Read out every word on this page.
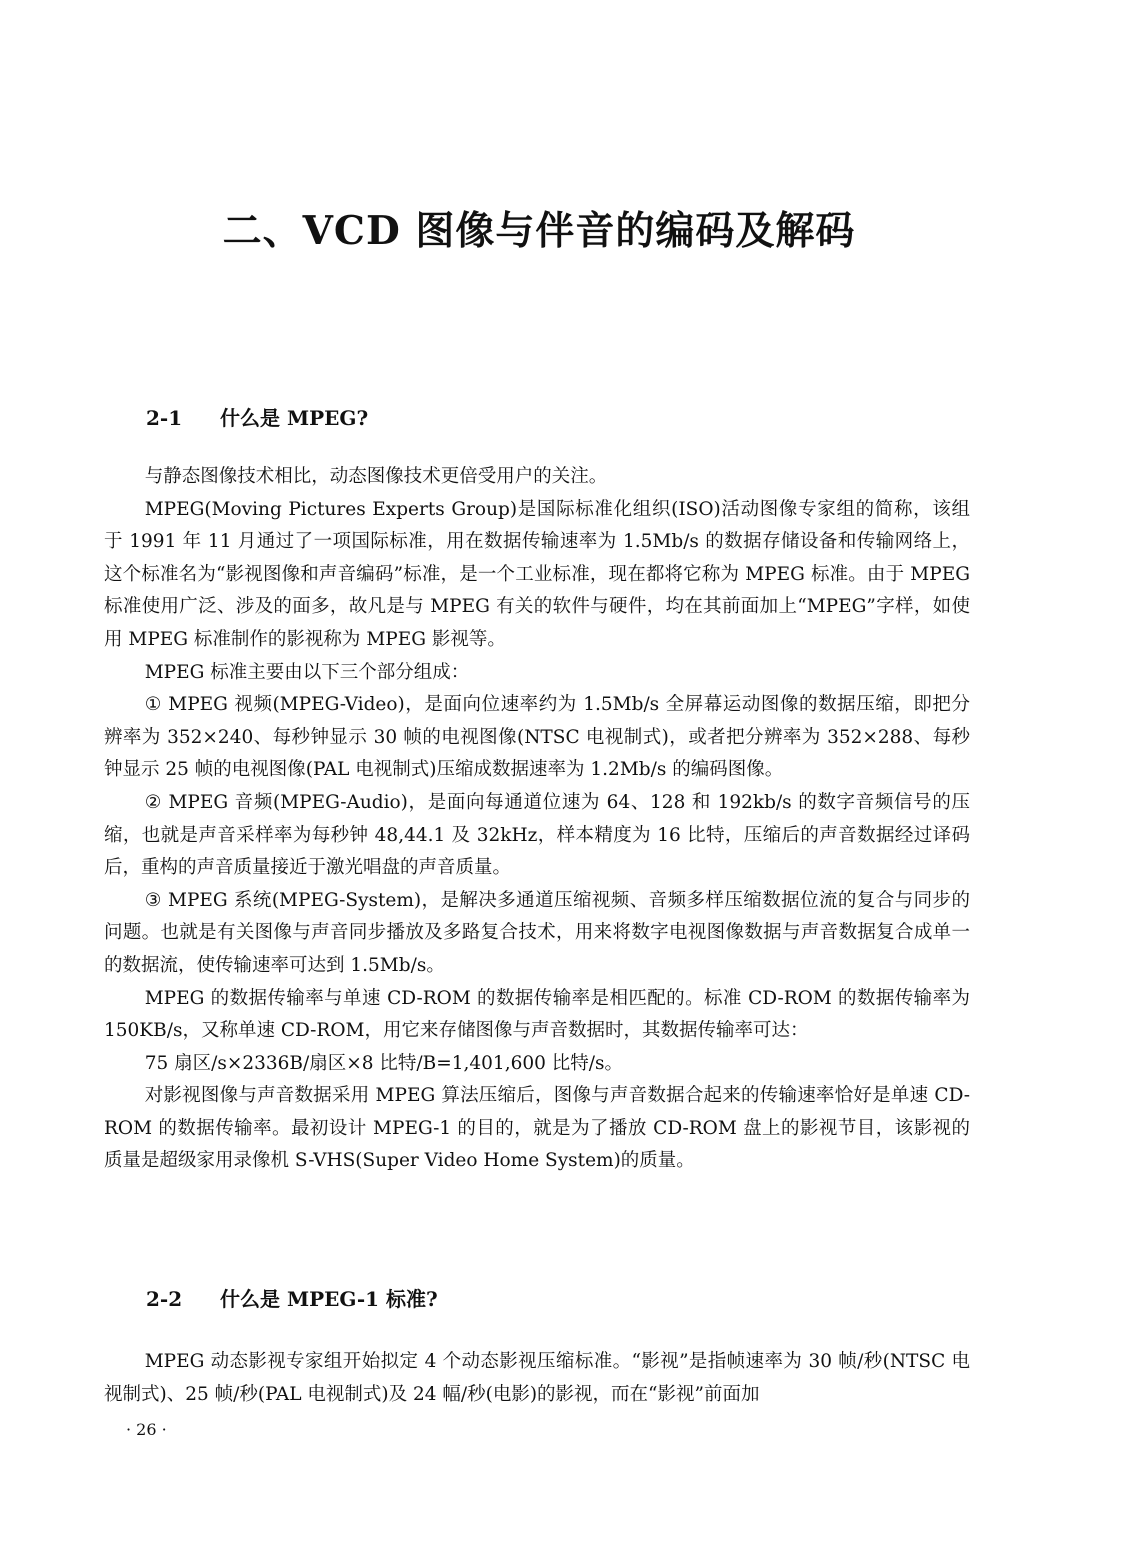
二、VCD 图像与伴音的编码及解码
2-1 什么是 MPEG?

与静态图像技术相比，动态图像技术更倍受用户的关注。

MPEG(Moving Pictures Experts Group)是国际标准化组织(ISO)活动图像专家组的简称，该组于 1991 年 11 月通过了一项国际标准，用在数据传输速率为 1.5Mb/s 的数据存储设备和传输网络上，这个标准名为“影视图像和声音编码”标准，是一个工业标准，现在都将它称为 MPEG 标准。由于 MPEG 标准使用广泛、涉及的面多，故凡是与 MPEG 有关的软件与硬件，均在其前面加上“MPEG”字样，如使用 MPEG 标准制作的影视称为 MPEG 影视等。

MPEG 标准主要由以下三个部分组成：

① MPEG 视频(MPEG-Video)，是面向位速率约为 1.5Mb/s 全屏幕运动图像的数据压缩，即把分辨率为 352×240、每秒钟显示 30 帧的电视图像(NTSC 电视制式)，或者把分辨率为 352×288、每秒钟显示 25 帧的电视图像(PAL 电视制式)压缩成数据速率为 1.2Mb/s 的编码图像。

② MPEG 音频(MPEG-Audio)，是面向每通道位速为 64、128 和 192kb/s 的数字音频信号的压缩，也就是声音采样率为每秒钟 48,44.1 及 32kHz，样本精度为 16 比特，压缩后的声音数据经过译码后，重构的声音质量接近于激光唱盘的声音质量。

③ MPEG 系统(MPEG-System)，是解决多通道压缩视频、音频多样压缩数据位流的复合与同步的问题。也就是有关图像与声音同步播放及多路复合技术，用来将数字电视图像数据与声音数据复合成单一的数据流，使传输速率可达到 1.5Mb/s。

MPEG 的数据传输率与单速 CD-ROM 的数据传输率是相匹配的。标准 CD-ROM 的数据传输率为 150KB/s，又称单速 CD-ROM，用它来存储图像与声音数据时，其数据传输率可达：

75 扇区/s×2336B/扇区×8 比特/B=1,401,600 比特/s。

对影视图像与声音数据采用 MPEG 算法压缩后，图像与声音数据合起来的传输速率恰好是单速 CD-ROM 的数据传输率。最初设计 MPEG-1 的目的，就是为了播放 CD-ROM 盘上的影视节目，该影视的质量是超级家用录像机 S-VHS(Super Video Home System)的质量。

2-2 什么是 MPEG-1 标准?

MPEG 动态影视专家组开始拟定 4 个动态影视压缩标准。“影视”是指帧速率为 30 帧/秒(NTSC 电视制式)、25 帧/秒(PAL 电视制式)及 24 幅/秒(电影)的影视，而在“影视”前面加

· 26 ·
